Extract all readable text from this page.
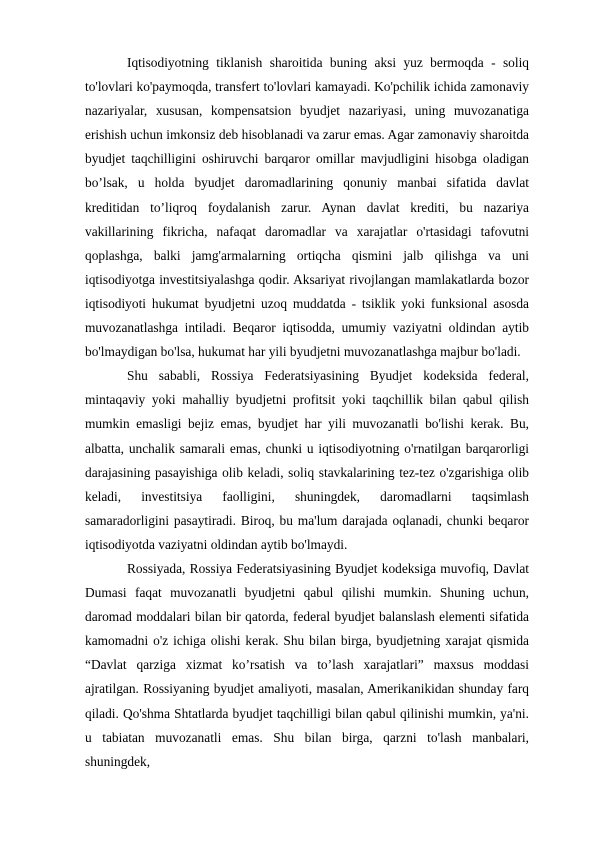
Iqtisodiyotning tiklanish sharoitida buning aksi yuz bermoqda - soliq to'lovlari ko'paymoqda, transfert to'lovlari kamayadi. Ko'pchilik ichida zamonaviy nazariyalar, xususan, kompensatsion byudjet nazariyasi, uning muvozanatiga erishish uchun imkonsiz deb hisoblanadi va zarur emas. Agar zamonaviy sharoitda byudjet taqchilligini oshiruvchi barqaror omillar mavjudligini hisobga oladigan bo’lsak, u holda byudjet daromadlarining qonuniy manbai sifatida davlat kreditidan to’liqroq foydalanish zarur. Aynan davlat krediti, bu nazariya vakillarining fikricha, nafaqat daromadlar va xarajatlar o'rtasidagi tafovutni qoplashga, balki jamg'armalarning ortiqcha qismini jalb qilishga va uni iqtisodiyotga investitsiyalashga qodir. Aksariyat rivojlangan mamlakatlarda bozor iqtisodiyoti hukumat byudjetni uzoq muddatda - tsiklik yoki funksional asosda muvozanatlashga intiladi. Beqaror iqtisodda, umumiy vaziyatni oldindan aytib bo'lmaydigan bo'lsa, hukumat har yili byudjetni muvozanatlashga majbur bo'ladi.

Shu sababli, Rossiya Federatsiyasining Byudjet kodeksida federal, mintaqaviy yoki mahalliy byudjetni profitsit yoki taqchillik bilan qabul qilish mumkin emasligi bejiz emas, byudjet har yili muvozanatli bo'lishi kerak. Bu, albatta, unchalik samarali emas, chunki u iqtisodiyotning o'rnatilgan barqarorligi darajasining pasayishiga olib keladi, soliq stavkalarining tez-tez o'zgarishiga olib keladi, investitsiya faolligini, shuningdek, daromadlarni taqsimlash samaradorligini pasaytiradi. Biroq, bu ma'lum darajada oqlanadi, chunki beqaror iqtisodiyotda vaziyatni oldindan aytib bo'lmaydi.

Rossiyada, Rossiya Federatsiyasining Byudjet kodeksiga muvofiq, Davlat Dumasi faqat muvozanatli byudjetni qabul qilishi mumkin. Shuning uchun, daromad moddalari bilan bir qatorda, federal byudjet balanslash elementi sifatida kamomadni o'z ichiga olishi kerak. Shu bilan birga, byudjetning xarajat qismida “Davlat qarziga xizmat ko’rsatish va to’lash xarajatlari” maxsus moddasi ajratilgan. Rossiyaning byudjet amaliyoti, masalan, Amerikanikidan shunday farq qiladi. Qo'shma Shtatlarda byudjet taqchilligi bilan qabul qilinishi mumkin, ya'ni. u tabiatan muvozanatli emas. Shu bilan birga, qarzni to'lash manbalari, shuningdek,
